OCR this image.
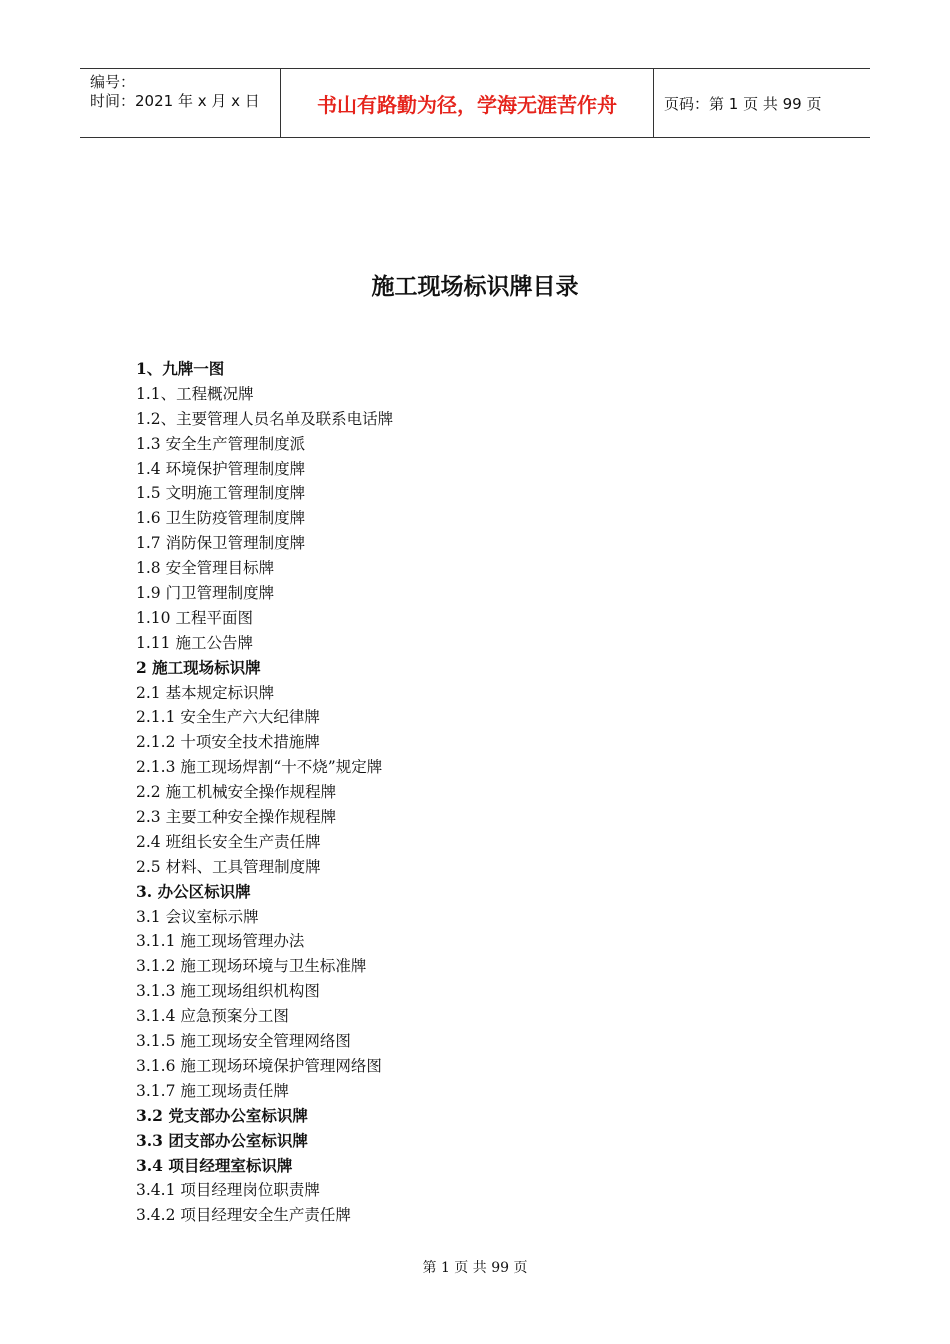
编号：
时间：2021 年 x 月 x 日	书山有路勤为径，学海无涯苦作舟	页码：第 1 页 共 99 页
施工现场标识牌目录
1、九牌一图
1.1、工程概况牌
1.2、主要管理人员名单及联系电话牌
1.3 安全生产管理制度派
1.4 环境保护管理制度牌
1.5 文明施工管理制度牌
1.6 卫生防疫管理制度牌
1.7 消防保卫管理制度牌
1.8 安全管理目标牌
1.9 门卫管理制度牌
1.10 工程平面图
1.11 施工公告牌
2 施工现场标识牌
2.1 基本规定标识牌
2.1.1 安全生产六大纪律牌
2.1.2 十项安全技术措施牌
2.1.3 施工现场焊割“十不烧”规定牌
2.2 施工机械安全操作规程牌
2.3 主要工种安全操作规程牌
2.4 班组长安全生产责任牌
2.5 材料、工具管理制度牌
3. 办公区标识牌
3.1 会议室标示牌
3.1.1 施工现场管理办法
3.1.2 施工现场环境与卫生标准牌
3.1.3 施工现场组织机构图
3.1.4 应急预案分工图
3.1.5 施工现场安全管理网络图
3.1.6 施工现场环境保护管理网络图
3.1.7 施工现场责任牌
3.2 党支部办公室标识牌
3.3 团支部办公室标识牌
3.4 项目经理室标识牌
3.4.1 项目经理岗位职责牌
3.4.2 项目经理安全生产责任牌
第 1 页 共 99 页
